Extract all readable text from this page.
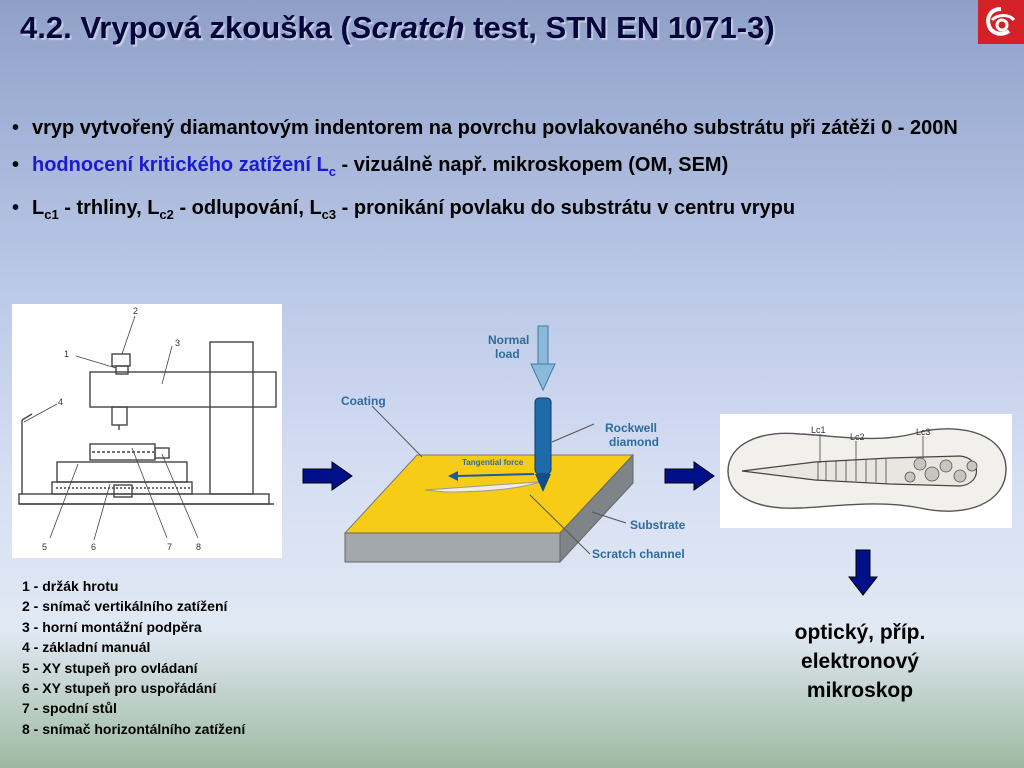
4.2. Vrypová zkouška (Scratch test, STN EN 1071-3)
• vryp vytvořený diamantovým indentorem na povrchu povlakovaného substrátu při zátěži 0 - 200N
• hodnocení kritického zatížení $L_c$ - vizuálně např. mikroskopem (OM, SEM)
• $L_{c1}$ - trhliny, $L_{c2}$ - odlupování, $L_{c3}$ - pronikání povlaku do substrátu v centru vrypu
2
1
3
4
5	6	7	8
Normal
load
Coating
Rockwell
diamond
Substrate
Scratch channel
Tangential force
Lc1
Lc2	Lc3
1 - držák hrotu
2 - snímač vertikálního zatížení
3 - horní montážní podpěra
4 - základní manuál
5 - XY stupeň pro ovládaní
6 - XY stupeň pro uspořádání
7 - spodní stůl
8 - snímač horizontálního zatížení
optický, příp.
elektronový
mikroskop
